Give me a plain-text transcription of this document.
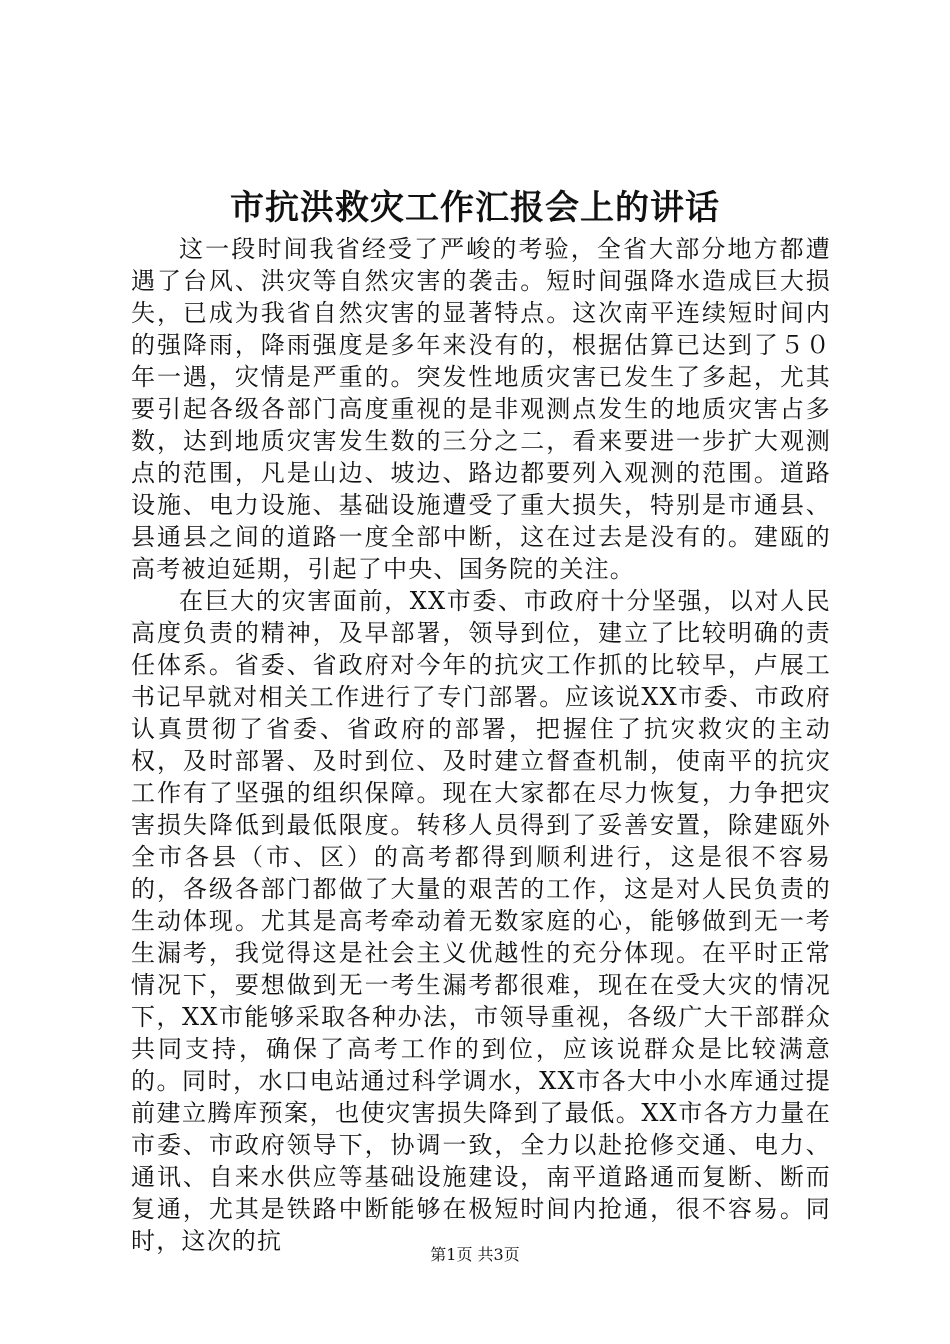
市抗洪救灾工作汇报会上的讲话

这一段时间我省经受了严峻的考验，全省大部分地方都遭遇了台风、洪灾等自然灾害的袭击。短时间强降水造成巨大损失，已成为我省自然灾害的显著特点。这次南平连续短时间内的强降雨，降雨强度是多年来没有的，根据估算已达到了５０年一遇，灾情是严重的。突发性地质灾害已发生了多起，尤其要引起各级各部门高度重视的是非观测点发生的地质灾害占多数，达到地质灾害发生数的三分之二，看来要进一步扩大观测点的范围，凡是山边、坡边、路边都要列入观测的范围。道路设施、电力设施、基础设施遭受了重大损失，特别是市通县、县通县之间的道路一度全部中断，这在过去是没有的。建瓯的高考被迫延期，引起了中央、国务院的关注。

在巨大的灾害面前，XX市委、市政府十分坚强，以对人民高度负责的精神，及早部署，领导到位，建立了比较明确的责任体系。省委、省政府对今年的抗灾工作抓的比较早，卢展工书记早就对相关工作进行了专门部署。应该说XX市委、市政府认真贯彻了省委、省政府的部署，把握住了抗灾救灾的主动权，及时部署、及时到位、及时建立督查机制，使南平的抗灾工作有了坚强的组织保障。现在大家都在尽力恢复，力争把灾害损失降低到最低限度。转移人员得到了妥善安置，除建瓯外全市各县（市、区）的高考都得到顺利进行，这是很不容易的，各级各部门都做了大量的艰苦的工作，这是对人民负责的生动体现。尤其是高考牵动着无数家庭的心，能够做到无一考生漏考，我觉得这是社会主义优越性的充分体现。在平时正常情况下，要想做到无一考生漏考都很难，现在在受大灾的情况下，XX市能够采取各种办法，市领导重视，各级广大干部群众共同支持，确保了高考工作的到位，应该说群众是比较满意的。同时，水口电站通过科学调水，XX市各大中小水库通过提前建立腾库预案，也使灾害损失降到了最低。XX市各方力量在市委、市政府领导下，协调一致，全力以赴抢修交通、电力、通讯、自来水供应等基础设施建设，南平道路通而复断、断而复通，尤其是铁路中断能够在极短时间内抢通，很不容易。同时，这次的抗	第1页 共3页
